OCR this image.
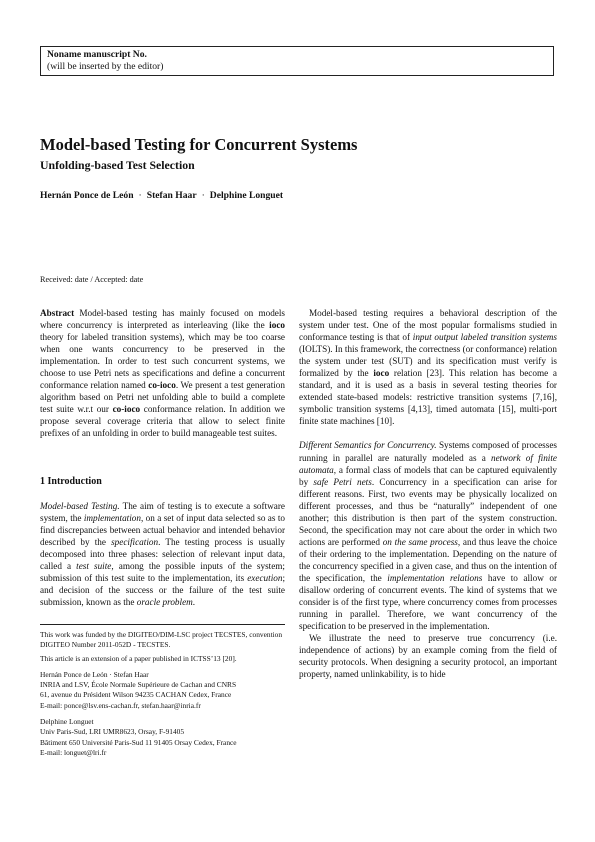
Noname manuscript No.
(will be inserted by the editor)
Model-based Testing for Concurrent Systems
Unfolding-based Test Selection
Hernán Ponce de León · Stefan Haar · Delphine Longuet
Received: date / Accepted: date

Abstract Model-based testing has mainly focused on models where concurrency is interpreted as interleaving (like the ioco theory for labeled transition systems), which may be too coarse when one wants concurrency to be preserved in the implementation. In order to test such concurrent systems, we choose to use Petri nets as specifications and define a concurrent conformance relation named co-ioco. We present a test generation algorithm based on Petri net unfolding able to build a complete test suite w.r.t our co-ioco conformance relation. In addition we propose several coverage criteria that allow to select finite prefixes of an unfolding in order to build manageable test suites.

1 Introduction

Model-based Testing. The aim of testing is to execute a software system, the implementation, on a set of input data selected so as to find discrepancies between actual behavior and intended behavior described by the specification. The testing process is usually decomposed into three phases: selection of relevant input data, called a test suite, among the possible inputs of the system; submission of this test suite to the implementation, its execution; and decision of the success or the failure of the test suite submission, known as the oracle problem.

Model-based testing requires a behavioral description of the system under test. One of the most popular formalisms studied in conformance testing is that of input output labeled transition systems (IOLTS). In this framework, the correctness (or conformance) relation the system under test (SUT) and its specification must verify is formalized by the ioco relation [23]. This relation has become a standard, and it is used as a basis in several testing theories for extended state-based models: restrictive transition systems [7,16], symbolic transition systems [4,13], timed automata [15], multi-port finite state machines [10].

Different Semantics for Concurrency. Systems composed of processes running in parallel are naturally modeled as a network of finite automata, a formal class of models that can be captured equivalently by safe Petri nets. Concurrency in a specification can arise for different reasons. First, two events may be physically localized on different processes, and thus be “naturally” independent of one another; this distribution is then part of the system construction. Second, the specification may not care about the order in which two actions are performed on the same process, and thus leave the choice of their ordering to the implementation. Depending on the nature of the concurrency specified in a given case, and thus on the intention of the specification, the implementation relations have to allow or disallow ordering of concurrent events. The kind of systems that we consider is of the first type, where concurrency comes from processes running in parallel. Therefore, we want concurrency of the specification to be preserved in the implementation.

We illustrate the need to preserve true concurrency (i.e. independence of actions) by an example coming from the field of security protocols. When designing a security protocol, an important property, named unlinkability, is to hide

This work was funded by the DIGITEO/DIM-LSC project TECSTES, convention DIGITEO Number 2011-052D - TECSTES.

This article is an extension of a paper published in ICTSS’13 [20].

Hernán Ponce de León · Stefan Haar
INRIA and LSV, École Normale Supérieure de Cachan and CNRS
61, avenue du Président Wilson 94235 CACHAN Cedex, France
E-mail: ponce@lsv.ens-cachan.fr, stefan.haar@inria.fr
Delphine Longuet
Univ Paris-Sud, LRI UMR8623, Orsay, F-91405
Bâtiment 650 Université Paris-Sud 11 91405 Orsay Cedex, France
E-mail: longuet@lri.fr
